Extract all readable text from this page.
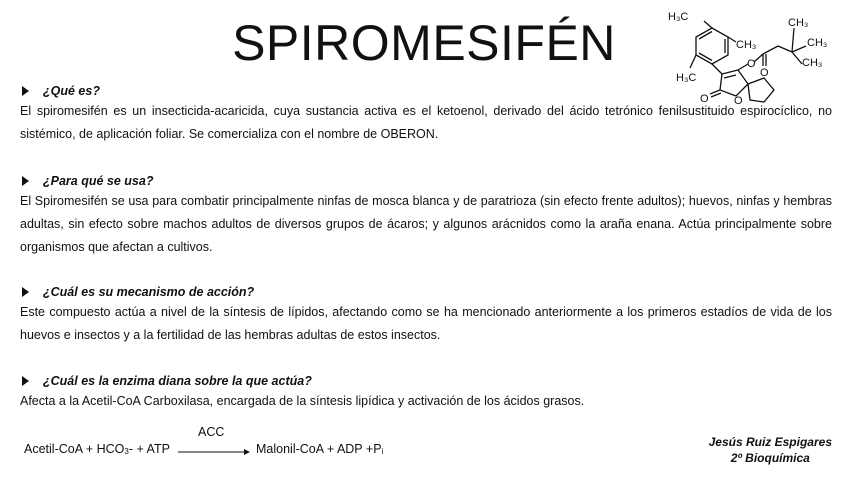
SPIROMESIFÉN	H₃C
CH₃
H₃C
O
O
O
O
CH₃
CH₃
CH₃
¿Qué es?
El spiromesifén es un insecticida-acaricida, cuya sustancia activa es el ketoenol, derivado del ácido tetrónico fenilsustituido espirocíclico, no sistémico, de aplicación foliar. Se comercializa con el nombre de OBERON.
¿Para qué se usa?
El Spiromesifén se usa para combatir principalmente ninfas de mosca blanca y de paratrioza (sin efecto frente adultos); huevos, ninfas y hembras adultas, sin efecto sobre machos adultos de diversos grupos de ácaros; y algunos arácnidos como la araña enana. Actúa principalmente sobre organismos que afectan a cultivos.
¿Cuál es su mecanismo de acción?
Este compuesto actúa a nivel de la síntesis de lípidos, afectando como se ha mencionado anteriormente a los primeros estadíos de vida de los huevos e insectos y a la fertilidad de las hembras adultas de estos insectos.
¿Cuál es la enzima diana sobre la que actúa?
Afecta a la Acetil-CoA Carboxilasa, encargada de la síntesis lipídica y activación de los ácidos grasos.
Acetil-CoA + $HCO_3-$ + ATP
ACC
Malonil-CoA + ADP $+P_i$
Jesús Ruiz Espigares
2º Bioquímica
